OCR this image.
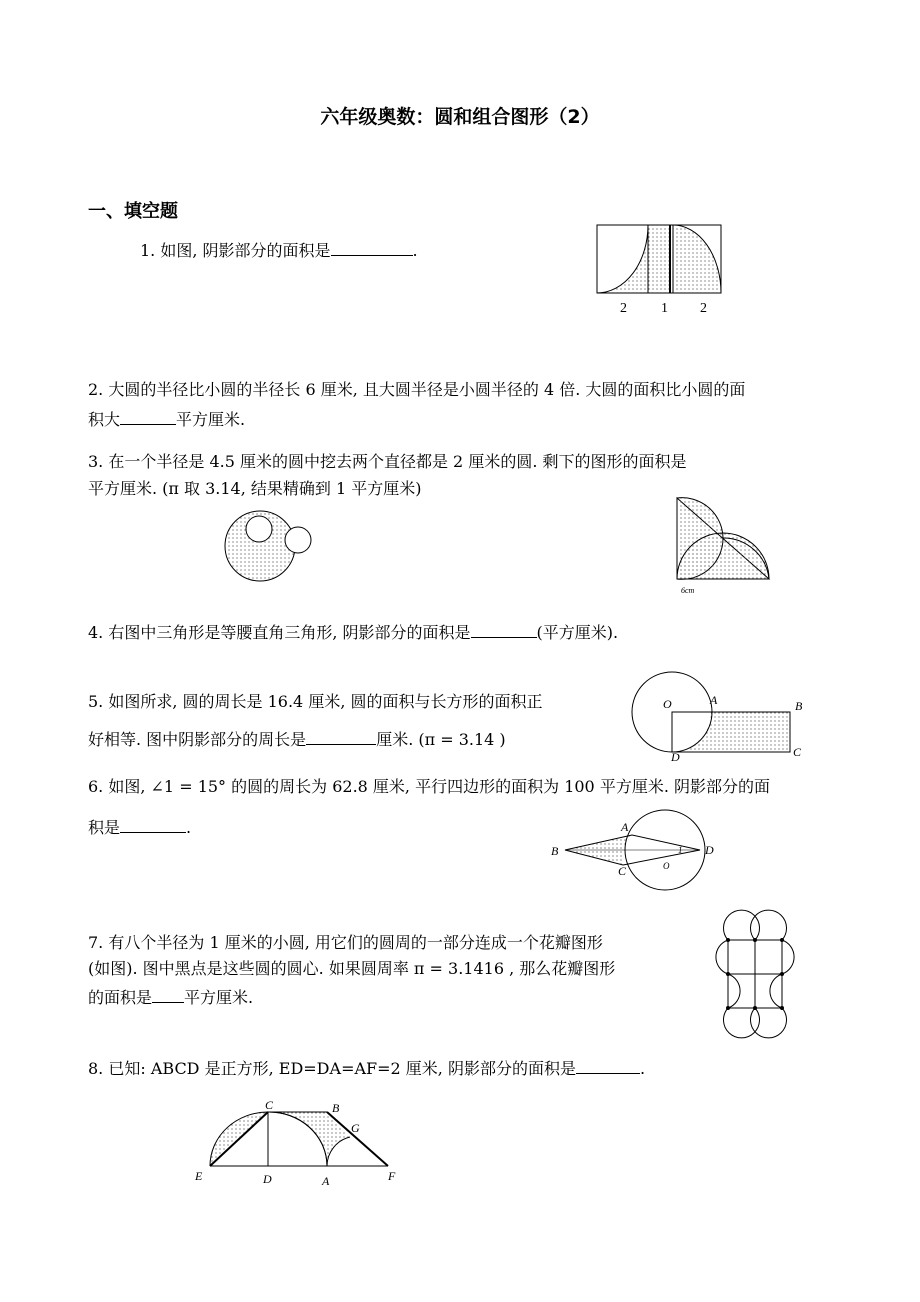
六年级奥数：圆和组合图形（2）
一、填空题
1. 如图, 阴影部分的面积是	.
2 1 2
2. 大圆的半径比小圆的半径长 6 厘米, 且大圆半径是小圆半径的 4 倍. 大圆的面积比小圆的面
积大	平方厘米.
3. 在一个半径是 4.5 厘米的圆中挖去两个直径都是 2 厘米的圆. 剩下的图形的面积是
平方厘米. (π 取 3.14, 结果精确到 1 平方厘米)
6cm
4. 右图中三角形是等腰直角三角形, 阴影部分的面积是	(平方厘米).
5. 如图所求, 圆的周长是 16.4 厘米, 圆的面积与长方形的面积正
好相等. 图中阴影部分的周长是	厘米. (π = 3.14 )
O	A	B
C
D
6. 如图, ∠1 = 15° 的圆的周长为 62.8 厘米, 平行四边形的面积为 100 平方厘米. 阴影部分的面
积是	.
B
A
C
D
O
1
7. 有八个半径为 1 厘米的小圆, 用它们的圆周的一部分连成一个花瓣图形
(如图). 图中黑点是这些圆的圆心. 如果圆周率 π = 3.1416 , 那么花瓣图形
的面积是 平方厘米.
8. 已知: ABCD 是正方形, ED=DA=AF=2 厘米, 阴影部分的面积是	.
E	D	A	F
C	B
G
